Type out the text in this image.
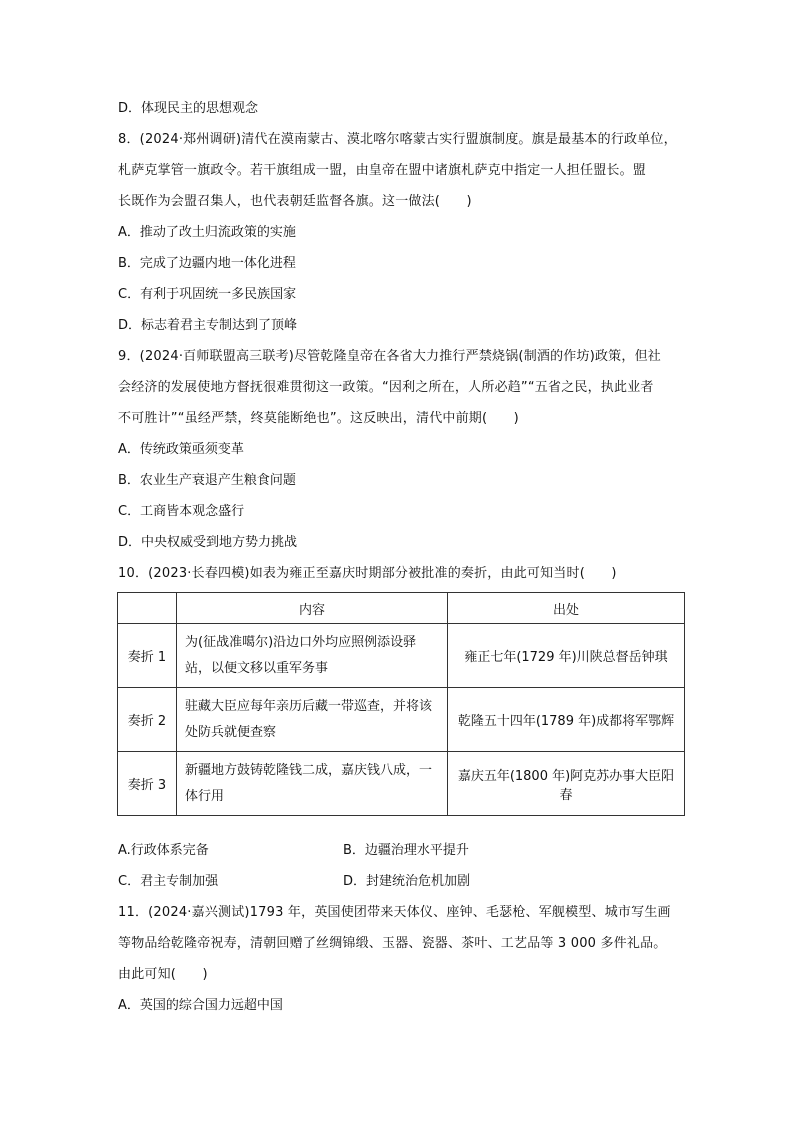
D．体现民主的思想观念
8．(2024·郑州调研)清代在漠南蒙古、漠北喀尔喀蒙古实行盟旗制度。旗是最基本的行政单位，
札萨克掌管一旗政令。若干旗组成一盟，由皇帝在盟中诸旗札萨克中指定一人担任盟长。盟
长既作为会盟召集人，也代表朝廷监督各旗。这一做法(　　)
A．推动了改土归流政策的实施
B．完成了边疆内地一体化进程
C．有利于巩固统一多民族国家
D．标志着君主专制达到了顶峰
9．(2024·百师联盟高三联考)尽管乾隆皇帝在各省大力推行严禁烧锅(制酒的作坊)政策，但社
会经济的发展使地方督抚很难贯彻这一政策。“因利之所在，人所必趋”“五省之民，执此业者
不可胜计”“虽经严禁，终莫能断绝也”。这反映出，清代中前期(　　)
A．传统政策亟须变革
B．农业生产衰退产生粮食问题
C．工商皆本观念盛行
D．中央权威受到地方势力挑战
10．(2023·长春四模)如表为雍正至嘉庆时期部分被批准的奏折，由此可知当时(　　)
	内容	出处
奏折 1	为(征战准噶尔)沿边口外均应照例添设驿站，以便文移以重军务事	雍正七年(1729 年)川陕总督岳钟琪
奏折 2	驻藏大臣应每年亲历后藏一带巡查，并将该处防兵就便查察	乾隆五十四年(1789 年)成都将军鄂辉
奏折 3	新疆地方鼓铸乾隆钱二成，嘉庆钱八成，一体行用	嘉庆五年(1800 年)阿克苏办事大臣阳春
A.行政体系完备	B．边疆治理水平提升
C．君主专制加强	D．封建统治危机加剧
11．(2024·嘉兴测试)1793 年，英国使团带来天体仪、座钟、毛瑟枪、军舰模型、城市写生画
等物品给乾隆帝祝寿，清朝回赠了丝绸锦缎、玉器、瓷器、茶叶、工艺品等 3 000 多件礼品。
由此可知(　　)
A．英国的综合国力远超中国
